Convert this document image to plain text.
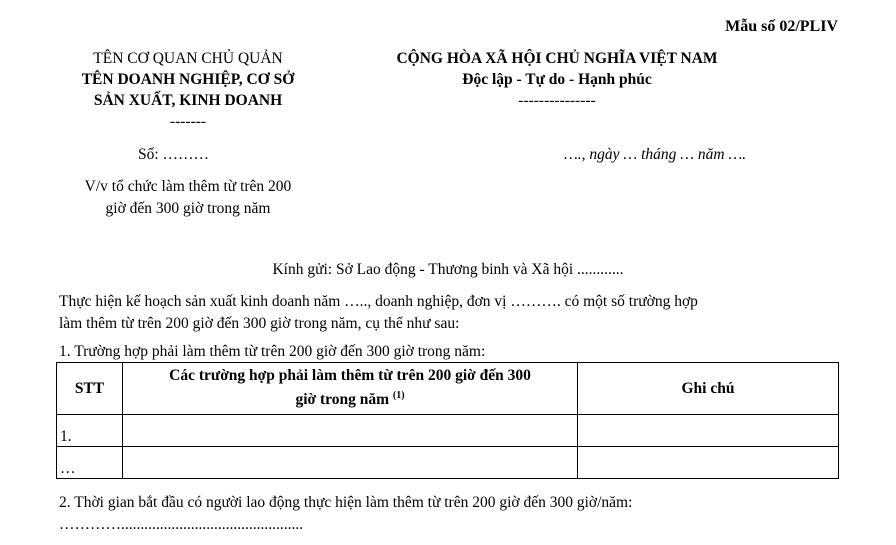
Mẫu số 02/PLIV
TÊN CƠ QUAN CHỦ QUẢN
TÊN DOANH NGHIỆP, CƠ SỞ
SẢN XUẤT, KINH DOANH
-------
CỘNG HÒA XÃ HỘI CHỦ NGHĨA VIỆT NAM
Độc lập - Tự do - Hạnh phúc
---------------
Số: ………	…., ngày … tháng … năm ….
V/v tổ chức làm thêm từ trên 200
giờ đến 300 giờ trong năm
Kính gửi: Sở Lao động - Thương binh và Xã hội ............
Thực hiện kế hoạch sản xuất kinh doanh năm ….., doanh nghiệp, đơn vị ………. có một số trường hợp
làm thêm từ trên 200 giờ đến 300 giờ trong năm, cụ thể như sau:
1. Trường hợp phải làm thêm từ trên 200 giờ đến 300 giờ trong năm:
STT	Các trường hợp phải làm thêm từ trên 200 giờ đến 300
giờ trong năm $^{(1)}$	Ghi chú
1.		
…		
2. Thời gian bắt đầu có người lao động thực hiện làm thêm từ trên 200 giờ đến 300 giờ/năm:
…………...............................................
